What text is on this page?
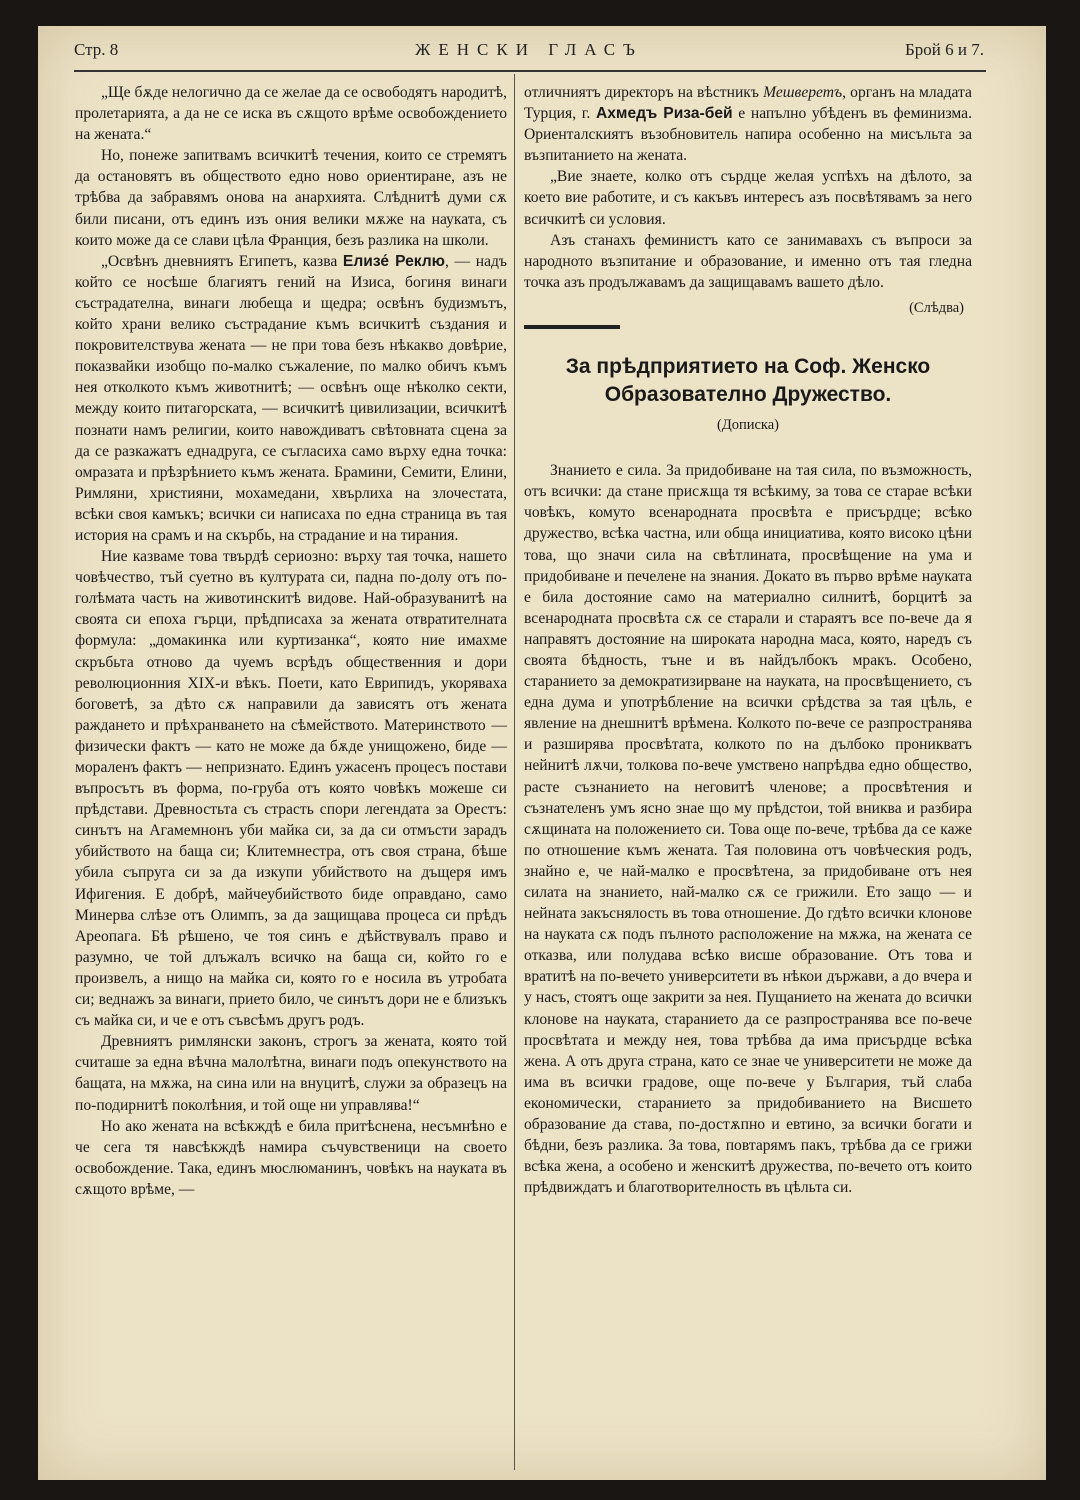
Стр. 8	ЖЕНСКИ ГЛАСЪ	Брой 6 и 7.

„Ще бѫде нелогично да се желае да се освободятъ народитѣ, пролетарията, а да не се иска въ сѫщото врѣме освобождението на жената.“

Но, понеже запитвамъ всичкитѣ течения, които се стремятъ да остановятъ въ обществото едно ново ориентиране, азъ не трѣбва да забравямъ онова на анархията. Слѣднитѣ думи сѫ били писани, отъ единъ изъ ония велики мѫже на науката, съ които може да се слави цѣла Франция, безъ разлика на школи.

„Освѣнъ дневниятъ Египетъ, казва Елизе́ Реклю, — надъ който се носѣше благиятъ гений на Изиса, богиня винаги състрадателна, винаги любеща и щедра; освѣнъ будизмътъ, който храни велико състрадание къмъ всичкитѣ създания и покровителствува жената — не при това безъ нѣкакво довѣрие, показвайки изобщо по-малко съжаление, по малко обичъ къмъ нея отколкото къмъ животнитѣ; — освѣнъ още нѣколко секти, между които питагорската, — всичкитѣ цивилизации, всичкитѣ познати намъ религии, които навождиватъ свѣтовната сцена за да се разкажатъ еднадруга, се съгласиха само върху една точка: омразата и прѣзрѣнието къмъ жената. Брамини, Семити, Елини, Римляни, християни, мохамедани, хвърлиха на злочестата, всѣки своя камъкъ; всички си написаха по една страница въ тая история на срамъ и на скърбь, на страдание и на тирания.

Ние казваме това твърдѣ сериозно: върху тая точка, нашето човѣчество, тъй суетно въ културата си, падна по-долу отъ по-голѣмата часть на животинскитѣ видове. Най-образуванитѣ на своята си епоха гърци, прѣдписаха за жената отвратителната формула: „домакинка или куртизанка“, която ние имахме скръбьта отново да чуемъ всрѣдъ общественния и дори революционния XIX-и вѣкъ. Поети, като Еврипидъ, укоряваха боговетѣ, за дѣто сѫ направили да зависятъ отъ жената раждането и прѣхранването на сѣмейството. Материнството — физически фактъ — като не може да бѫде унищожено, биде — моралeнъ фактъ — непризнато. Единъ ужасенъ процесъ постави въпросътъ въ форма, по-груба отъ която човѣкъ можеше си прѣдстави. Древностьта съ страсть споpи легендата за Орестъ: синътъ на Агамемнонъ уби майка си, за да си отмъсти зарадъ убийството на баща си; Клитемнестра, отъ своя страна, бѣше убила съпруга си за да изкупи убийството на дъщеря имъ Ифигения. Е добрѣ, майчеубийството биде оправдано, само Минерва слѣзе отъ Олимпъ, за да защищава процеса си прѣдъ Ареопага. Бѣ рѣшено, че тоя синъ е дѣйствувалъ право и разумно, че той длъжалъ всичко на баща си, който го е произвелъ, а нищо на майка си, която го е носила въ утробата си; веднажъ за винаги, прието било, че синътъ дори не е близъкъ съ майка си, и че е отъ съвсѣмъ другъ родъ.

Древниятъ римлянски законъ, строгъ за жената, която той считаше за една вѣчна малолѣтна, винаги подъ опекунството на бащата, на мѫжа, на сина или на внуцитѣ, служи за образецъ на по-подирнитѣ поколѣния, и той още ни управлява!“

Но ако жената на всѣкждѣ е била притѣснена, несъмнѣно е че сега тя навсѣкждѣ намира съчувственици на своето освобождение. Така, единъ мюслюманинъ, човѣкъ на науката въ сѫщото врѣме, —

отличниятъ директоръ на вѣстникъ Мешверетъ, органъ на младата Турция, г. Ахмедъ Риза-бей е напълно убѣденъ въ феминизма. Ориенталскиятъ възобновитель напира особенно на мисъльта за възпитанието на жената.

„Вие знаете, колко отъ сърдце желая успѣхъ на дѣлото, за което вие работите, и съ какъвъ интересъ азъ посвѣтявамъ за него всичкитѣ си условия.

Азъ станахъ феминистъ като се занимавахъ съ въпроси за народното възпитание и образование, и именно отъ тая гледна точка азъ продължавамъ да защищавамъ вашето дѣло.

(Слѣдва)
За прѣдприятието на Соф. Женско Образователно Дружество.
(Дописка)

Знанието е сила. За придобиване на тая сила, по възможность, отъ всички: да стане присѫща тя всѣкиму, за това се старае всѣки човѣкъ, комуто всенародната просвѣта е присърдце; всѣко дружество, всѣка частна, или обща инициатива, която високо цѣни това, що значи сила на свѣтлината, просвѣщение на ума и придобиване и печелене на знания. Докато въ първо врѣме науката е била достояние само на материално силнитѣ, борцитѣ за всенародната просвѣта сѫ се старали и стараятъ все по-вече да я направятъ достояние на широката народна маса, която, наредъ съ своята бѣдность, тъне и въ найдълбокъ мракъ. Особено, старанието за демократизирване на науката, на просвѣщението, съ една дума и употрѣбление на всички срѣдства за тая цѣль, е явление на днешнитѣ врѣмена. Колкото по-вече се разпространява и разширява просвѣтата, колкото по на дълбоко проникватъ нейнитѣ лѫчи, толкова по-вече умствено напрѣдва едно общество, расте съзнанието на неговитѣ членове; а просвѣтения и съзнателенъ умъ ясно знае що му прѣдстои, той вниква и разбира сѫщината на положението си. Това още по-вече, трѣбва да се каже по отношение къмъ жената. Тая половина отъ човѣческия родъ, знайно е, че най-малко е просвѣтена, за придобиване отъ нея силата на знанието, най-малко сѫ се грижили. Ето защо — и нейната закъснялость въ това отношение. До гдѣто всички клонове на науката сѫ подъ пълното расположение на мѫжа, на жената се отказва, или полудава всѣко висше образование. Отъ това и вратитѣ на по-вечето университети въ нѣкои държави, а до вчера и у насъ, стоятъ още закрити за нея. Пущанието на жената до всички клонове на науката, старанието да се разпространява все по-вече просвѣтата и между нея, това трѣбва да има присърдце всѣка жена. А отъ друга страна, като се знае че университети не може да има въ всички градове, още по-вече у България, тъй слаба економически, старанието за придобиванието на Висшето образование да става, по-достѫпно и евтино, за всички богати и бѣдни, безъ разлика. За това, повтарямъ пакъ, трѣбва да се грижи всѣка жена, а особено и женскитѣ дружества, по-вечето отъ които прѣдвиждатъ и благотворителность въ цѣльта си.
